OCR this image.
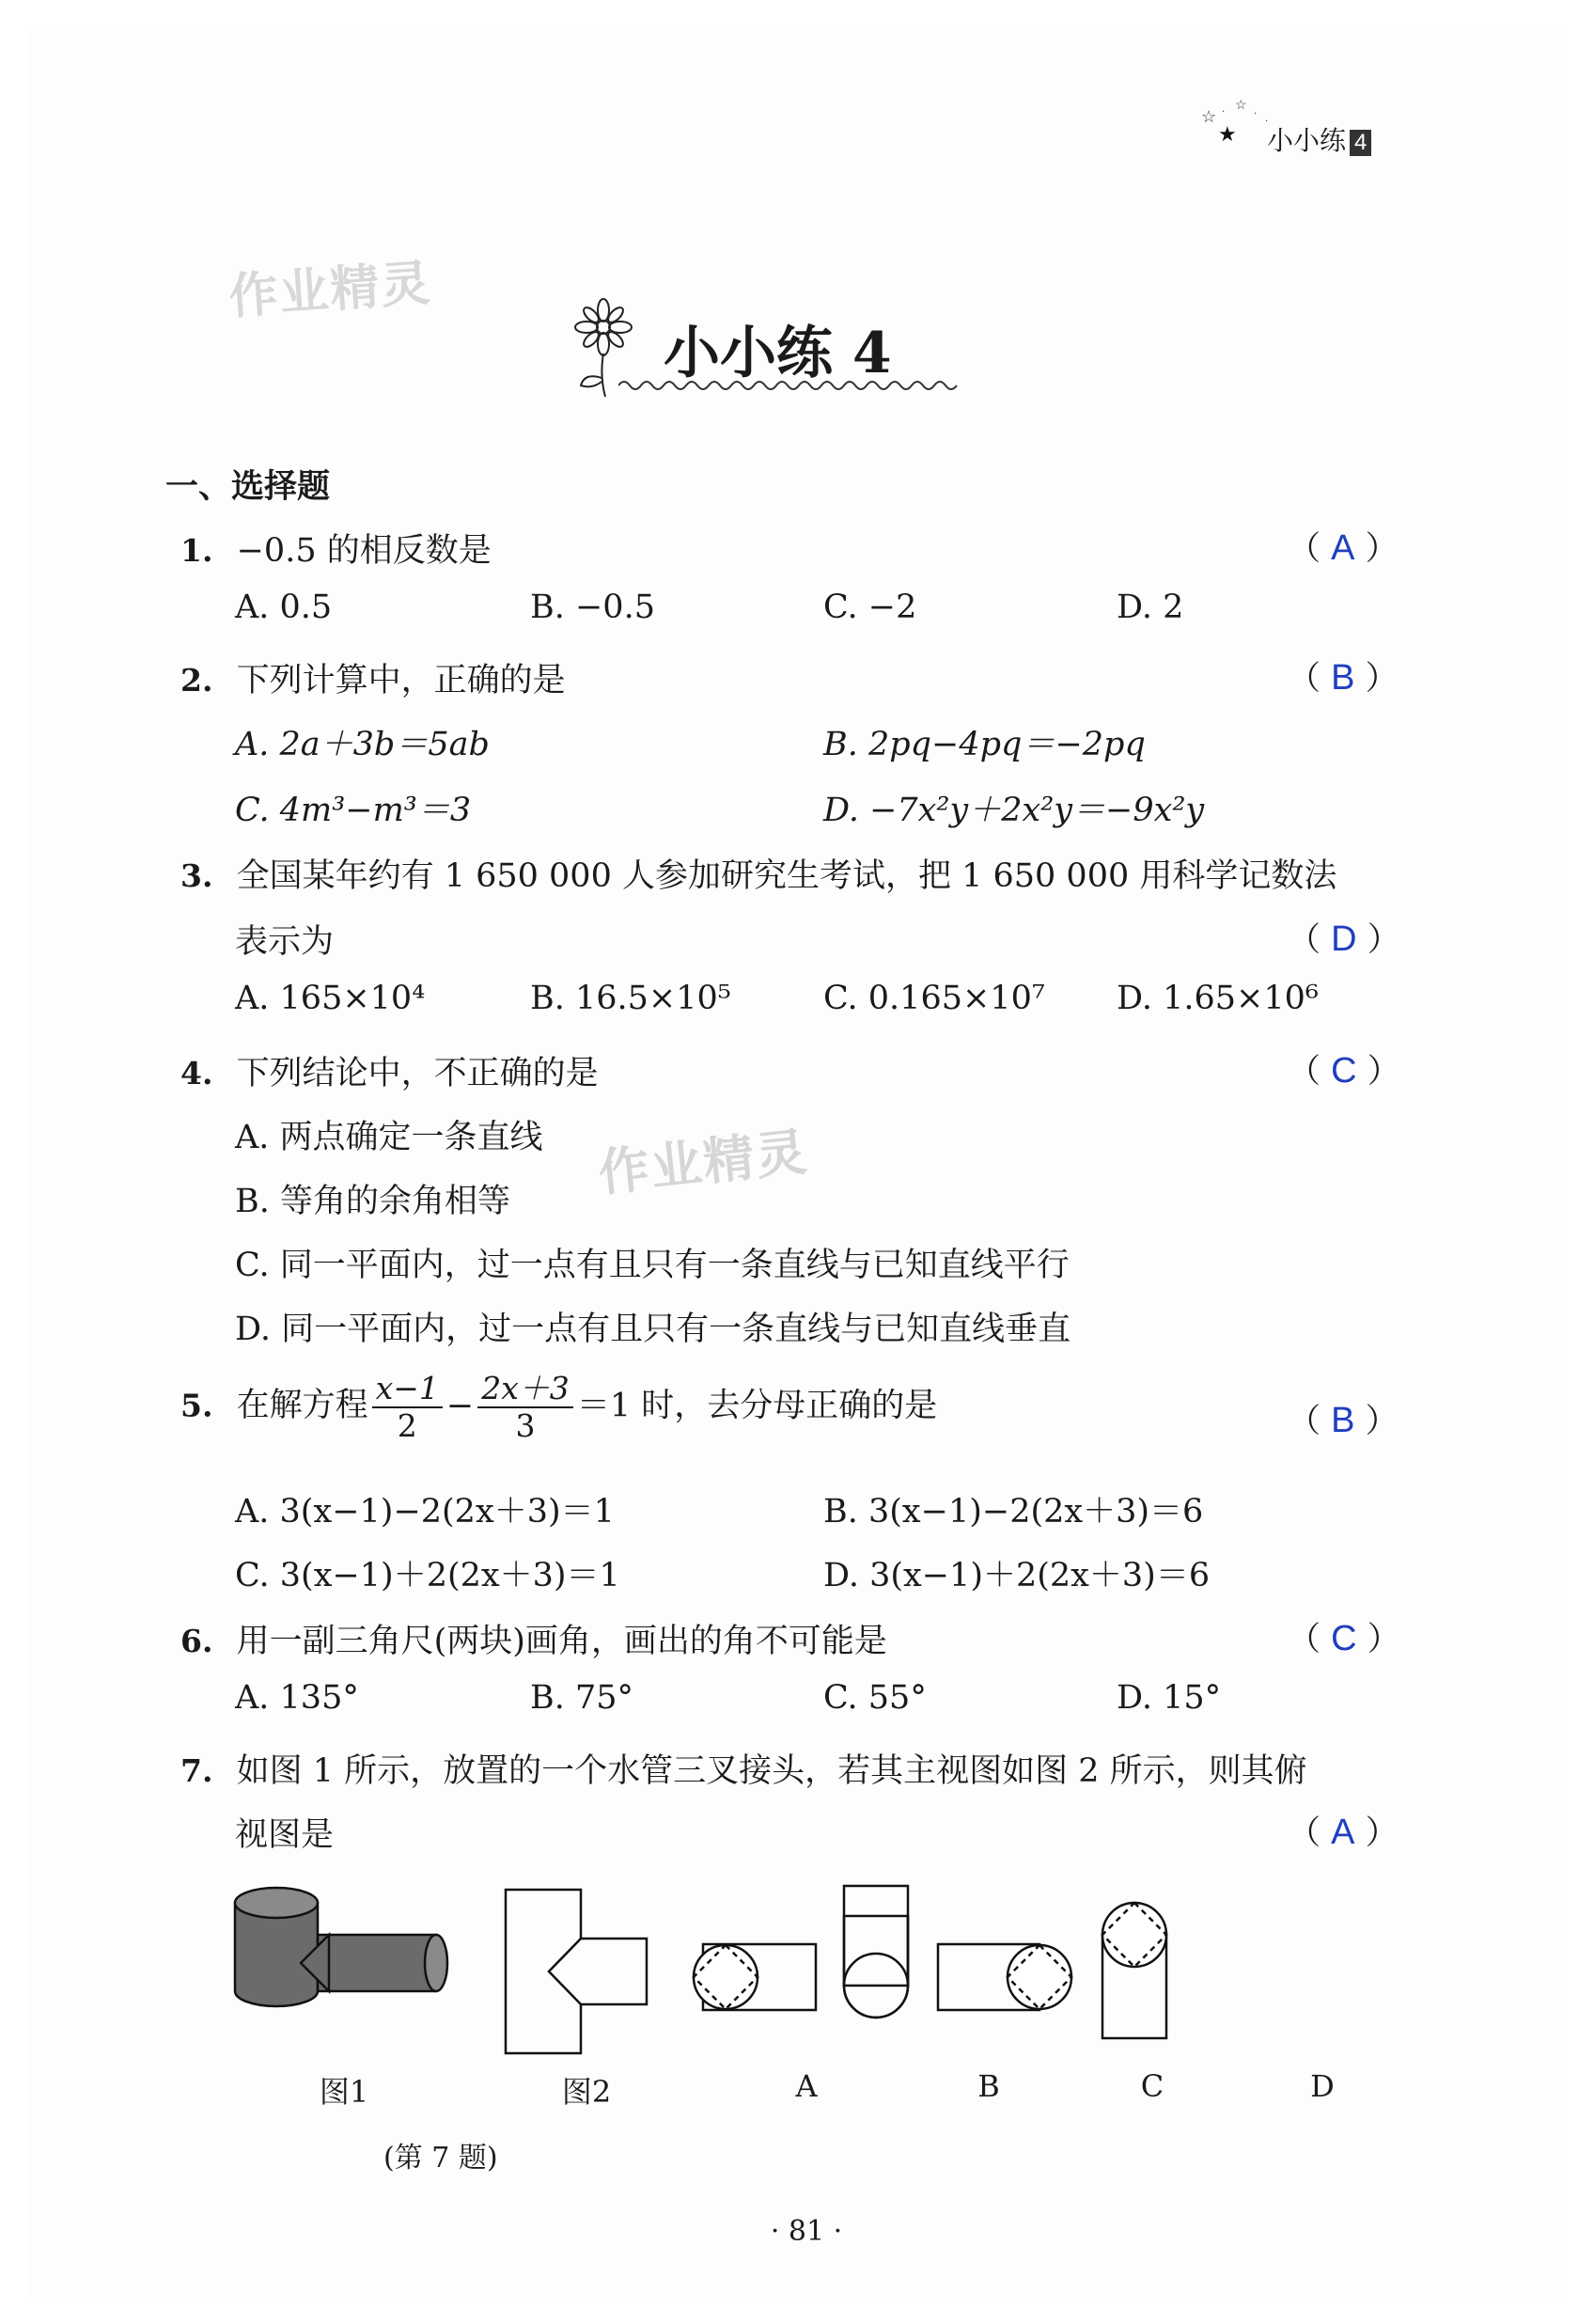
☆ · ☆
·
·
★ 小小练 4
作业精灵
小小练 4
一、选择题
1. −0.5 的相反数是	（ A ）
A. 0.5	B. −0.5	C. −2	D. 2
2. 下列计算中，正确的是	（ B ）
A. 2a＋3b＝5ab	B. 2pq−4pq＝−2pq
C. 4m³−m³＝3	D. −7x²y＋2x²y＝−9x²y
3. 全国某年约有 1 650 000 人参加研究生考试，把 1 650 000 用科学记数法
表示为	（ D ）
A. 165×10⁴	B. 16.5×10⁵	C. 0.165×10⁷ D. 1.65×10⁶
4. 下列结论中，不正确的是	（ C ）
A. 两点确定一条直线
B. 等角的余角相等
C. 同一平面内，过一点有且只有一条直线与已知直线平行
D. 同一平面内，过一点有且只有一条直线与已知直线垂直
作业精灵
5. 在解方程 $\frac{x-1}{2} - \frac{2x+3}{3} =1$ 时，去分母正确的是	（ B ）
A. 3(x−1)−2(2x＋3)＝1	B. 3(x−1)−2(2x＋3)＝6
C. 3(x−1)＋2(2x＋3)＝1	D. 3(x−1)＋2(2x＋3)＝6
6. 用一副三角尺(两块)画角，画出的角不可能是	（ C ）
A. 135°	B. 75°	C. 55°	D. 15°
7. 如图 1 所示，放置的一个水管三叉接头，若其主视图如图 2 所示，则其俯
视图是	（ A ）
图1	图2	A	B	C	D
(第 7 题)
· 81 ·
